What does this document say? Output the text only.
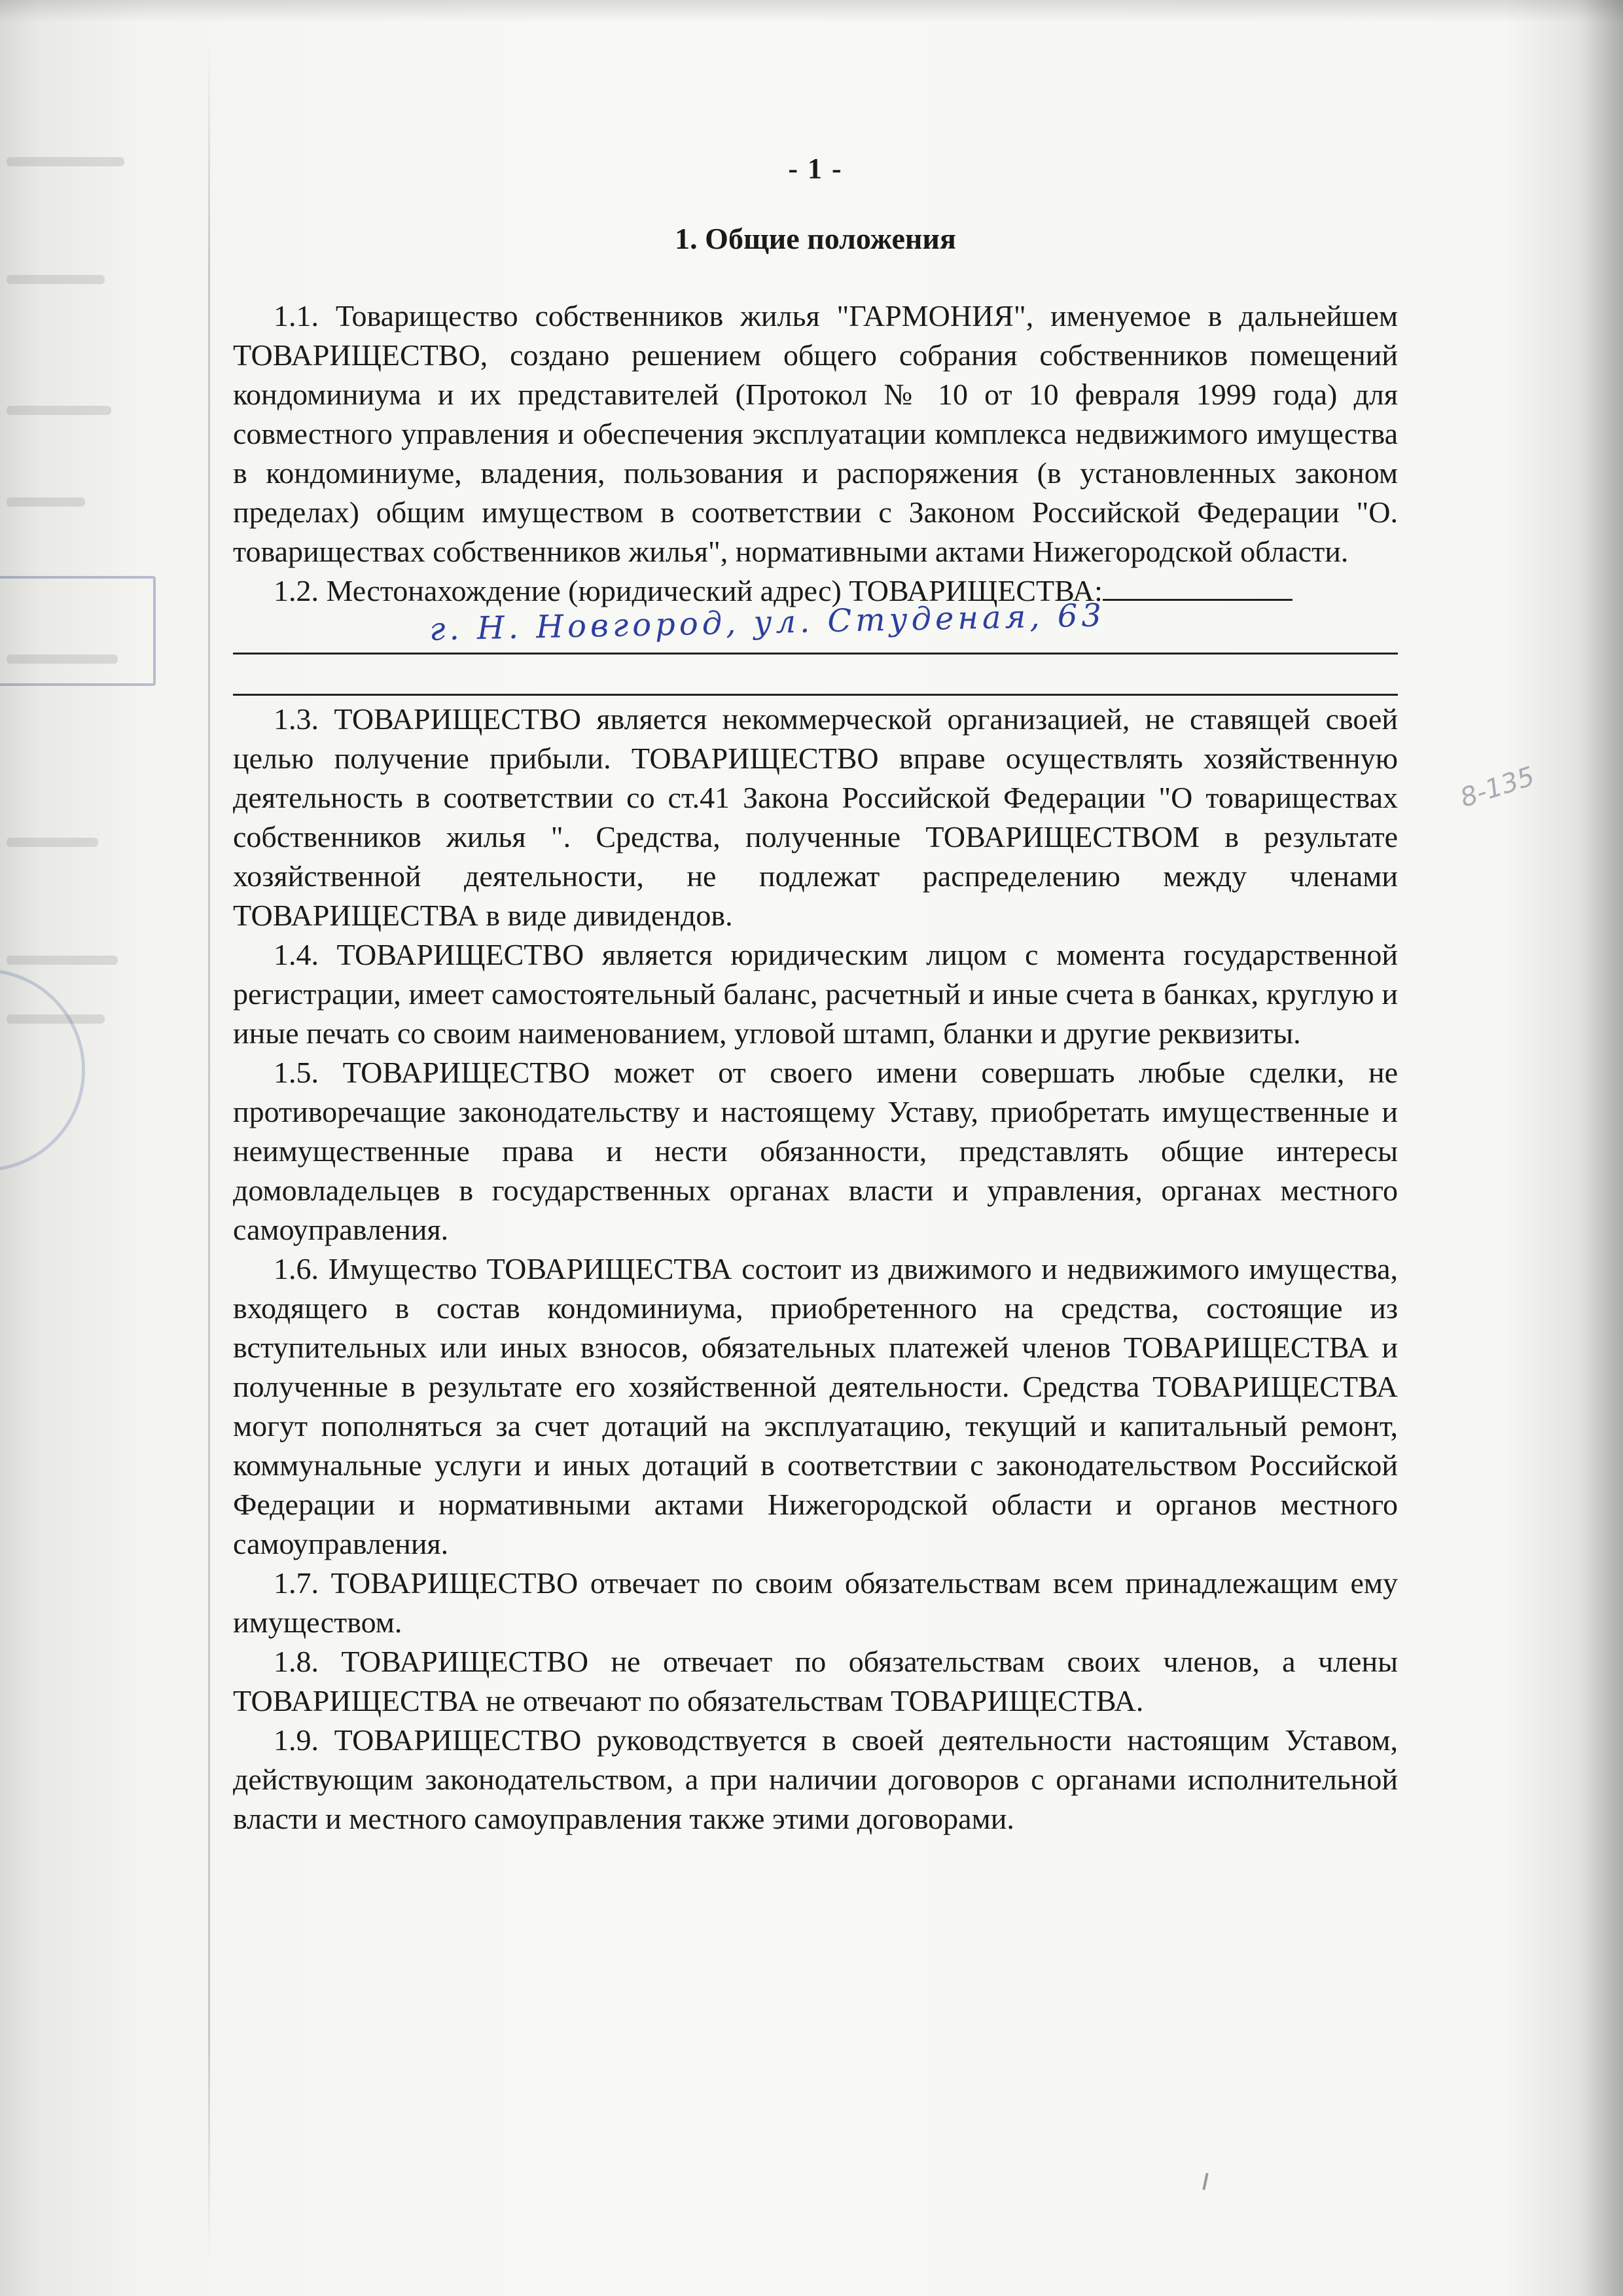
- 1 -
1. Общие положения

1.1. Товарищество собственников жилья "ГАРМОНИЯ", именуемое в дальнейшем ТОВАРИЩЕСТВО, создано решением общего собрания собственников помещений кондоминиума и их представителей (Протокол № 10 от 10 февраля 1999 года) для совместного управления и обеспечения эксплуатации комплекса недвижимого имущества в кондоминиуме, владения, пользования и распоряжения (в установленных законом пределах) общим имуществом в соответствии с Законом Российской Федерации "О. товариществах собственников жилья", нормативными актами Нижегородской области.

1.2. Местонахождение (юридический адрес) ТОВАРИЩЕСТВА:

г. Н. Новгород, ул. Студеная, 63

1.3. ТОВАРИЩЕСТВО является некоммерческой организацией, не ставящей своей целью получение прибыли. ТОВАРИЩЕСТВО вправе осуществлять хозяйственную деятельность в соответствии со ст.41 Закона Российской Федерации "О товариществах собственников жилья ". Средства, полученные ТОВАРИЩЕСТВОМ в результате хозяйственной деятельности, не подлежат распределению между членами ТОВАРИЩЕСТВА в виде дивидендов.

1.4. ТОВАРИЩЕСТВО является юридическим лицом с момента государственной регистрации, имеет самостоятельный баланс, расчетный и иные счета в банках, круглую и иные печать со своим наименованием, угловой штамп, бланки и другие реквизиты.

1.5. ТОВАРИЩЕСТВО может от своего имени совершать любые сделки, не противоречащие законодательству и настоящему Уставу, приобретать имущественные и неимущественные права и нести обязанности, представлять общие интересы домовладельцев в государственных органах власти и управления, органах местного самоуправления.

1.6. Имущество ТОВАРИЩЕСТВА состоит из движимого и недвижимого имущества, входящего в состав кондоминиума, приобретенного на средства, состоящие из вступительных или иных взносов, обязательных платежей членов ТОВАРИЩЕСТВА и полученные в результате его хозяйственной деятельности. Средства ТОВАРИЩЕСТВА могут пополняться за счет дотаций на эксплуатацию, текущий и капитальный ремонт, коммунальные услуги и иных дотаций в соответствии с законодательством Российской Федерации и нормативными актами Нижегородской области и органов местного самоуправления.

1.7. ТОВАРИЩЕСТВО отвечает по своим обязательствам всем принадлежащим ему имуществом.

1.8. ТОВАРИЩЕСТВО не отвечает по обязательствам своих членов, а члены ТОВАРИЩЕСТВА не отвечают по обязательствам ТОВАРИЩЕСТВА.

1.9. ТОВАРИЩЕСТВО руководствуется в своей деятельности настоящим Уставом, действующим законодательством, а при наличии договоров с органами исполнительной власти и местного самоуправления также этими договорами.

8-135
